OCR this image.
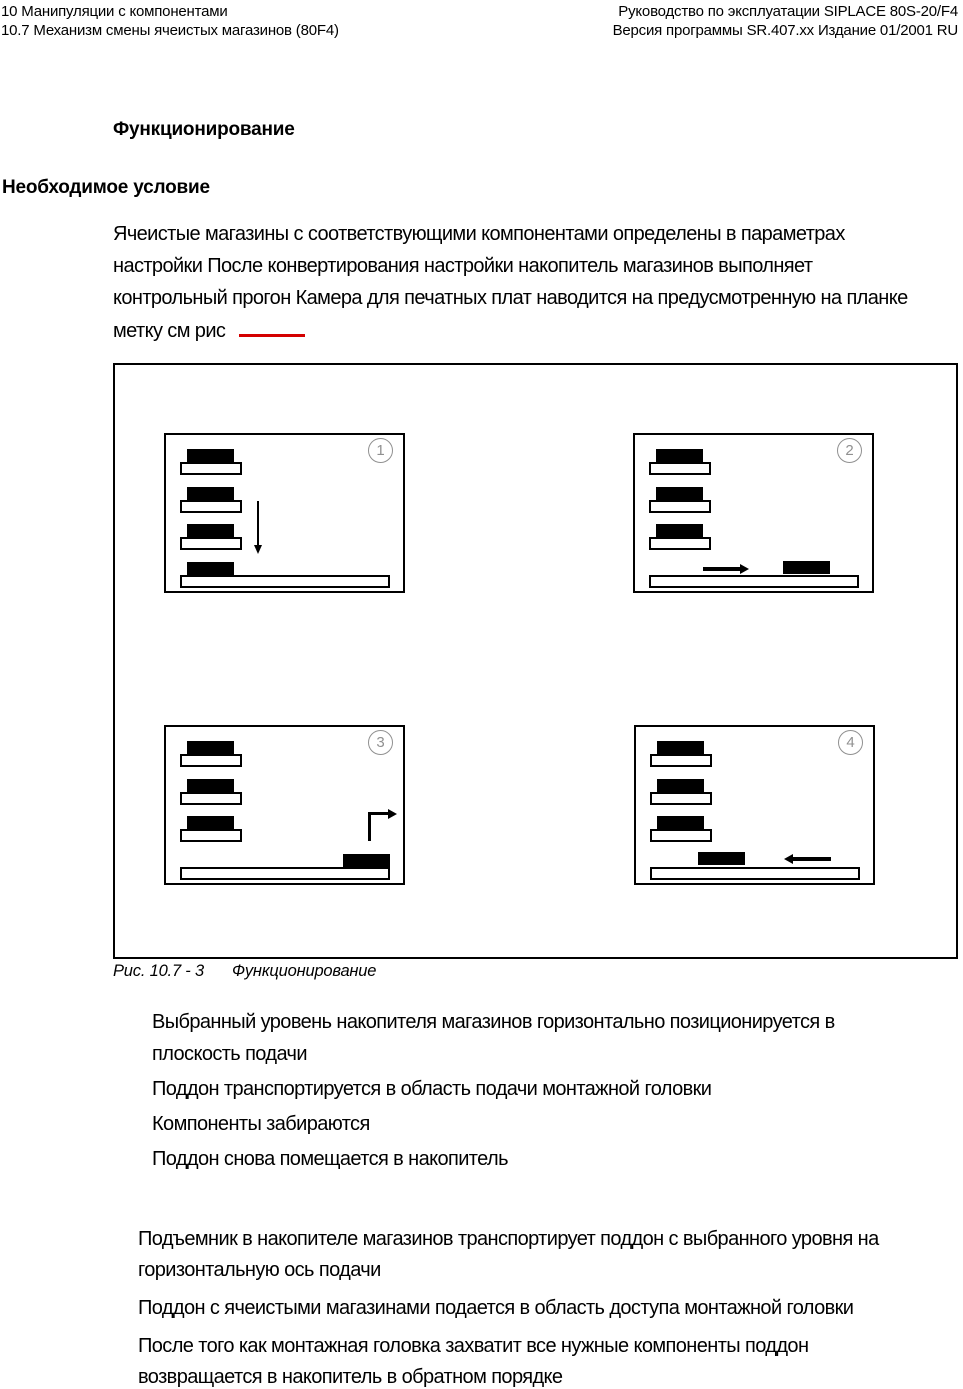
10 Манипуляции с компонентами
10.7 Механизм смены ячеистых магазинов (80F4)
Руководство по эксплуатации SIPLACE 80S-20/F4
Версия программы SR.407.xx Издание 01/2001 RU
Функционирование
Необходимое условие
Ячеистые магазины с соответствующими компонентами определены в параметрах
настройки После конвертирования настройки накопитель магазинов выполняет
контрольный прогон Камера для печатных плат наводится на предусмотренную на планке
метку см рис
1	2
3	4
Рис. 10.7 - 3 Функционирование
Выбранный уровень накопителя магазинов горизонтально позиционируется в
плоскость подачи
Поддон транспортируется в область подачи монтажной головки
Компоненты забираются
Поддон снова помещается в накопитель
Подъемник в накопителе магазинов транспортирует поддон с выбранного уровня на
горизонтальную ось подачи
Поддон с ячеистыми магазинами подается в область доступа монтажной головки
После того как монтажная головка захватит все нужные компоненты поддон
возвращается в накопитель в обратном порядке
